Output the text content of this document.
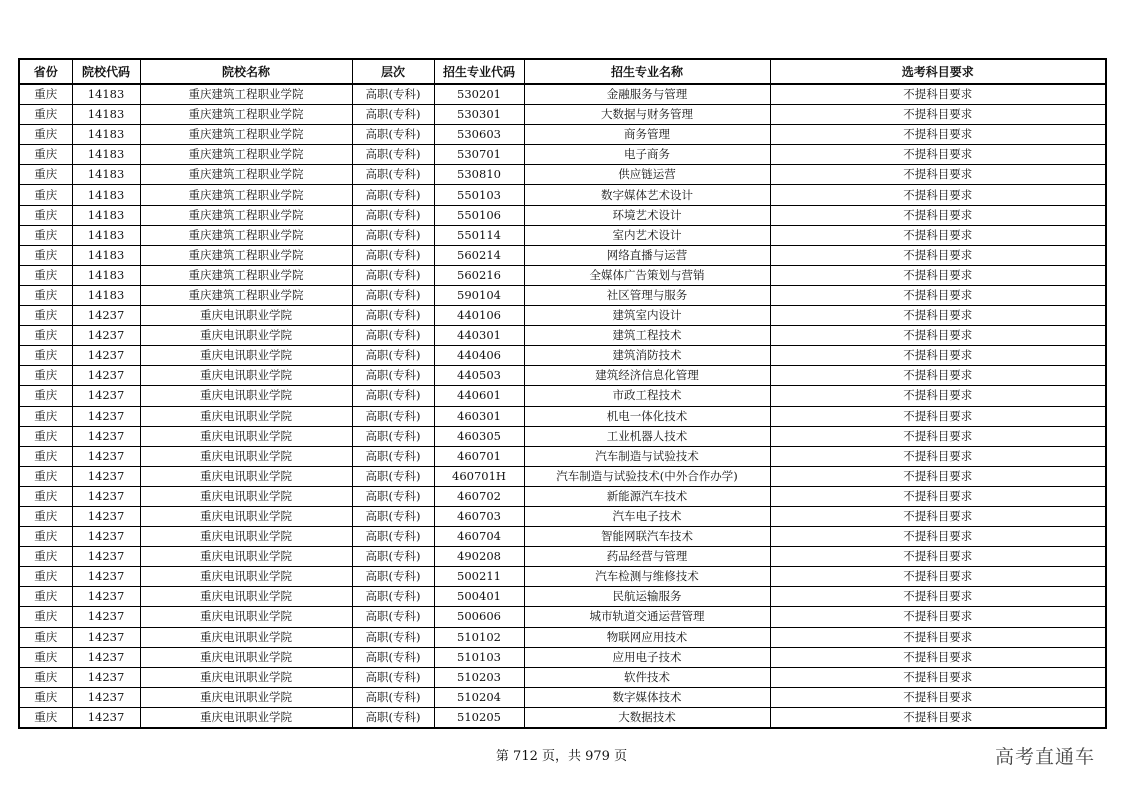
省份	院校代码	院校名称	层次	招生专业代码	招生专业名称	选考科目要求
重庆	14183	重庆建筑工程职业学院	高职(专科)	530201	金融服务与管理	不提科目要求
重庆	14183	重庆建筑工程职业学院	高职(专科)	530301	大数据与财务管理	不提科目要求
重庆	14183	重庆建筑工程职业学院	高职(专科)	530603	商务管理	不提科目要求
重庆	14183	重庆建筑工程职业学院	高职(专科)	530701	电子商务	不提科目要求
重庆	14183	重庆建筑工程职业学院	高职(专科)	530810	供应链运营	不提科目要求
重庆	14183	重庆建筑工程职业学院	高职(专科)	550103	数字媒体艺术设计	不提科目要求
重庆	14183	重庆建筑工程职业学院	高职(专科)	550106	环境艺术设计	不提科目要求
重庆	14183	重庆建筑工程职业学院	高职(专科)	550114	室内艺术设计	不提科目要求
重庆	14183	重庆建筑工程职业学院	高职(专科)	560214	网络直播与运营	不提科目要求
重庆	14183	重庆建筑工程职业学院	高职(专科)	560216	全媒体广告策划与营销	不提科目要求
重庆	14183	重庆建筑工程职业学院	高职(专科)	590104	社区管理与服务	不提科目要求
重庆	14237	重庆电讯职业学院	高职(专科)	440106	建筑室内设计	不提科目要求
重庆	14237	重庆电讯职业学院	高职(专科)	440301	建筑工程技术	不提科目要求
重庆	14237	重庆电讯职业学院	高职(专科)	440406	建筑消防技术	不提科目要求
重庆	14237	重庆电讯职业学院	高职(专科)	440503	建筑经济信息化管理	不提科目要求
重庆	14237	重庆电讯职业学院	高职(专科)	440601	市政工程技术	不提科目要求
重庆	14237	重庆电讯职业学院	高职(专科)	460301	机电一体化技术	不提科目要求
重庆	14237	重庆电讯职业学院	高职(专科)	460305	工业机器人技术	不提科目要求
重庆	14237	重庆电讯职业学院	高职(专科)	460701	汽车制造与试验技术	不提科目要求
重庆	14237	重庆电讯职业学院	高职(专科)	460701H	汽车制造与试验技术(中外合作办学)	不提科目要求
重庆	14237	重庆电讯职业学院	高职(专科)	460702	新能源汽车技术	不提科目要求
重庆	14237	重庆电讯职业学院	高职(专科)	460703	汽车电子技术	不提科目要求
重庆	14237	重庆电讯职业学院	高职(专科)	460704	智能网联汽车技术	不提科目要求
重庆	14237	重庆电讯职业学院	高职(专科)	490208	药品经营与管理	不提科目要求
重庆	14237	重庆电讯职业学院	高职(专科)	500211	汽车检测与维修技术	不提科目要求
重庆	14237	重庆电讯职业学院	高职(专科)	500401	民航运输服务	不提科目要求
重庆	14237	重庆电讯职业学院	高职(专科)	500606	城市轨道交通运营管理	不提科目要求
重庆	14237	重庆电讯职业学院	高职(专科)	510102	物联网应用技术	不提科目要求
重庆	14237	重庆电讯职业学院	高职(专科)	510103	应用电子技术	不提科目要求
重庆	14237	重庆电讯职业学院	高职(专科)	510203	软件技术	不提科目要求
重庆	14237	重庆电讯职业学院	高职(专科)	510204	数字媒体技术	不提科目要求
重庆	14237	重庆电讯职业学院	高职(专科)	510205	大数据技术	不提科目要求
第 712 页，共 979 页	高考直通车
